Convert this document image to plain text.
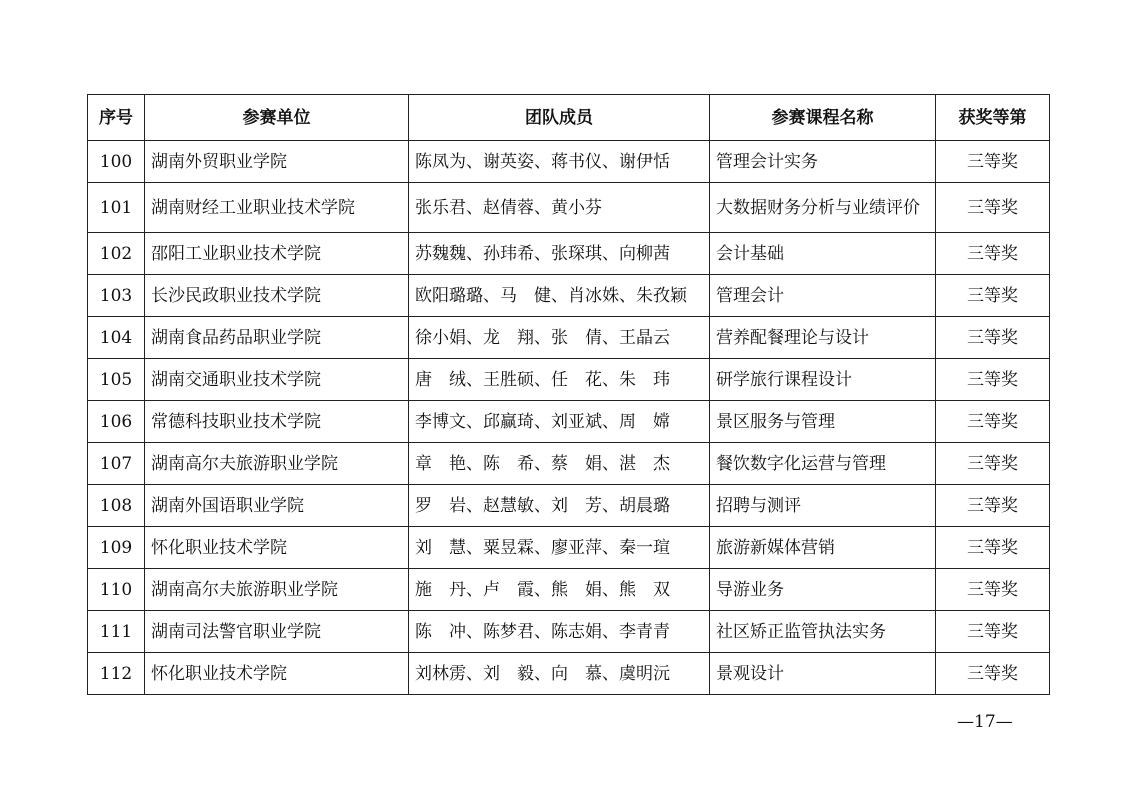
序号	参赛单位	团队成员	参赛课程名称	获奖等第
100	湖南外贸职业学院	陈凤为、谢英姿、蒋书仪、谢伊恬	管理会计实务	三等奖
101	湖南财经工业职业技术学院	张乐君、赵倩蓉、黄小芬	大数据财务分析与业绩评价	三等奖
102	邵阳工业职业技术学院	苏魏魏、孙玮希、张琛琪、向柳茜	会计基础	三等奖
103	长沙民政职业技术学院	欧阳璐璐、马　健、肖冰姝、朱孜颖	管理会计	三等奖
104	湖南食品药品职业学院	徐小娟、龙　翔、张　倩、王晶云	营养配餐理论与设计	三等奖
105	湖南交通职业技术学院	唐　绒、王胜硕、任　花、朱　玮	研学旅行课程设计	三等奖
106	常德科技职业技术学院	李博文、邱赢琦、刘亚斌、周　嫦	景区服务与管理	三等奖
107	湖南高尔夫旅游职业学院	章　艳、陈　希、蔡　娟、湛　杰	餐饮数字化运营与管理	三等奖
108	湖南外国语职业学院	罗　岩、赵慧敏、刘　芳、胡晨璐	招聘与测评	三等奖
109	怀化职业技术学院	刘　慧、粟昱霖、廖亚萍、秦一瑄	旅游新媒体营销	三等奖
110	湖南高尔夫旅游职业学院	施　丹、卢　霞、熊　娟、熊　双	导游业务	三等奖
111	湖南司法警官职业学院	陈　冲、陈梦君、陈志娟、李青青	社区矫正监管执法实务	三等奖
112	怀化职业技术学院	刘林雳、刘　毅、向　慕、虞明沅	景观设计	三等奖
—17—
